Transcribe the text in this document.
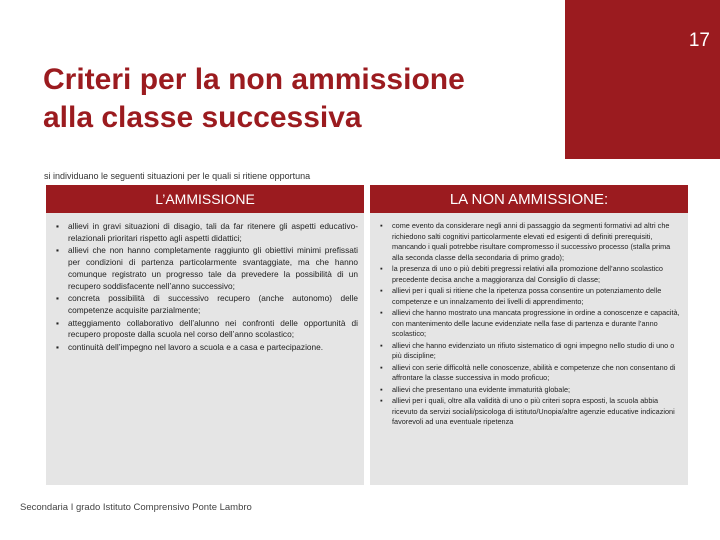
17
Criteri per la non ammissione
alla classe successiva
si individuano le seguenti situazioni per le quali si ritiene opportuna
L’AMMISSIONE
▪ allievi in gravi situazioni di disagio, tali da far ritenere gli aspetti educativo- relazionali prioritari rispetto agli aspetti didattici;
▪ allievi che non hanno completamente raggiunto gli obiettivi minimi prefissati per condizioni di partenza particolarmente svantaggiate, ma che hanno comunque registrato un progresso tale da prevedere la possibilità di un recupero soddisfacente nell’anno successivo;
▪ concreta possibilità di successivo recupero (anche autonomo) delle competenze acquisite parzialmente;
▪ atteggiamento collaborativo dell’alunno nei confronti delle opportunità di recupero proposte dalla scuola nel corso dell’anno scolastico;
▪ continuità dell’impegno nel lavoro a scuola e a casa e partecipazione.
LA NON AMMISSIONE:
▪ come evento da considerare negli anni di passaggio da segmenti formativi ad altri che richiedono salti cognitivi particolarmente elevati ed esigenti di definiti prerequisiti, mancando i quali potrebbe risultare compromesso il successivo processo (stalla prima alla seconda classe della secondaria di primo grado);
▪ la presenza di uno o più debiti pregressi relativi alla promozione dell’anno scolastico precedente decisa anche a maggioranza dal Consiglio di classe;
▪ allievi per i quali si ritiene che la ripetenza possa consentire un potenziamento delle competenze e un innalzamento dei livelli di apprendimento;
▪ allievi che hanno mostrato una mancata progressione in ordine a conoscenze e capacità, con mantenimento delle lacune evidenziate nella fase di partenza e durante l’anno scolastico;
▪ allievi che hanno evidenziato un rifiuto sistematico di ogni impegno nello studio di uno o più discipline;
▪ allievi con serie difficoltà nelle conoscenze, abilità e competenze che non consentano di affrontare la classe successiva in modo proficuo;
▪ allievi che presentano una evidente immaturità globale;
▪ allievi per i quali, oltre alla validità di uno o più criteri sopra esposti, la scuola abbia ricevuto da servizi sociali/psicologa di istituto/Unopia/altre agenzie educative indicazioni favorevoli ad una eventuale ripetenza
Secondaria I grado Istituto Comprensivo Ponte Lambro
